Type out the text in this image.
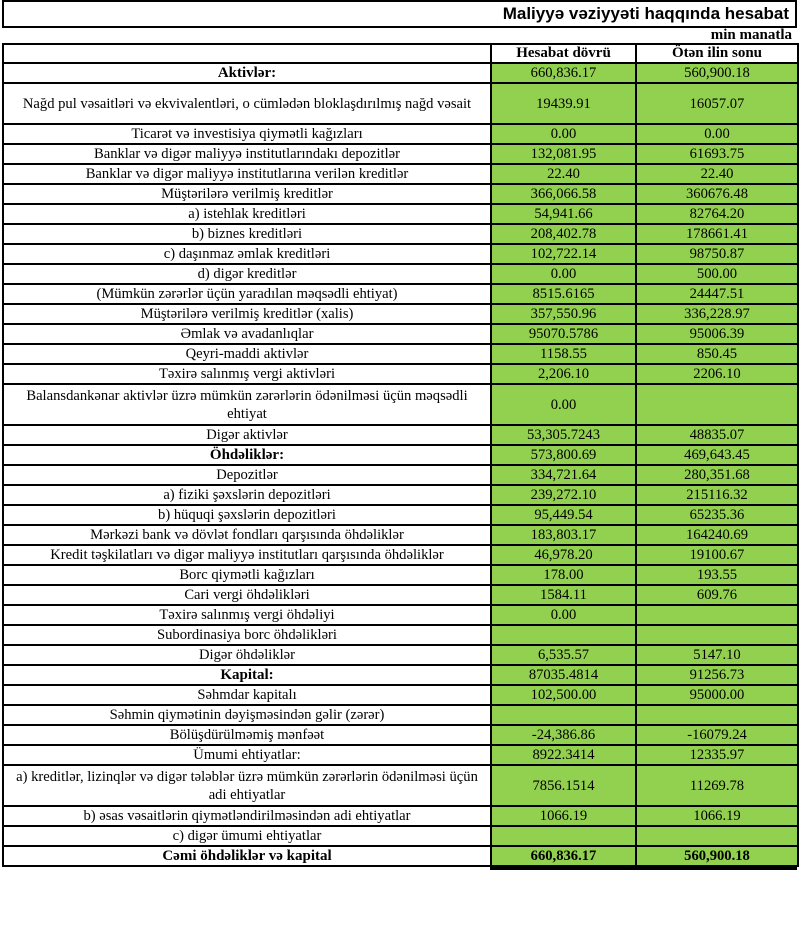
Maliyyə vəziyyəti haqqında hesabat
min manatla
	Hesabat dövrü	Ötən ilin sonu
Aktivlər:	660,836.17	560,900.18
Nağd pul vəsaitləri və ekvivalentləri, o cümlədən bloklaşdırılmış nağd vəsait	19439.91	16057.07
Ticarət və investisiya qiymətli kağızları	0.00	0.00
Banklar və digər maliyyə institutlarındakı depozitlər	132,081.95	61693.75
Banklar və digər maliyyə institutlarına verilən kreditlər	22.40	22.40
Müştərilərə verilmiş kreditlər	366,066.58	360676.48
a) istehlak kreditləri	54,941.66	82764.20
b) biznes kreditləri	208,402.78	178661.41
c) daşınmaz əmlak kreditləri	102,722.14	98750.87
d) digər kreditlər	0.00	500.00
(Mümkün zərərlər üçün yaradılan məqsədli ehtiyat)	8515.6165	24447.51
Müştərilərə verilmiş kreditlər (xalis)	357,550.96	336,228.97
Əmlak və avadanlıqlar	95070.5786	95006.39
Qeyri-maddi aktivlər	1158.55	850.45
Təxirə salınmış vergi aktivləri	2,206.10	2206.10
Balansdankənar aktivlər üzrə mümkün zərərlərin ödənilməsi üçün məqsədli ehtiyat	0.00	
Digər aktivlər	53,305.7243	48835.07
Öhdəliklər:	573,800.69	469,643.45
Depozitlər	334,721.64	280,351.68
a) fiziki şəxslərin depozitləri	239,272.10	215116.32
b) hüquqi şəxslərin depozitləri	95,449.54	65235.36
Mərkəzi bank və dövlət fondları qarşısında öhdəliklər	183,803.17	164240.69
Kredit təşkilatları və digər maliyyə institutları qarşısında öhdəliklər	46,978.20	19100.67
Borc qiymətli kağızları	178.00	193.55
Cari vergi öhdəlikləri	1584.11	609.76
Təxirə salınmış vergi öhdəliyi	0.00	
Subordinasiya borc öhdəlikləri		
Digər öhdəliklər	6,535.57	5147.10
Kapital:	87035.4814	91256.73
Səhmdar kapitalı	102,500.00	95000.00
Səhmin qiymətinin dəyişməsindən gəlir (zərər)		
Bölüşdürülməmiş mənfəət	-24,386.86	-16079.24
Ümumi ehtiyatlar:	8922.3414	12335.97
a) kreditlər, lizinqlər və digər tələblər üzrə mümkün zərərlərin ödənilməsi üçün adi ehtiyatlar	7856.1514	11269.78
b) əsas vəsaitlərin qiymətləndirilməsindən adi ehtiyatlar	1066.19	1066.19
c) digər ümumi ehtiyatlar		
Cəmi öhdəliklər və kapital	660,836.17	560,900.18
